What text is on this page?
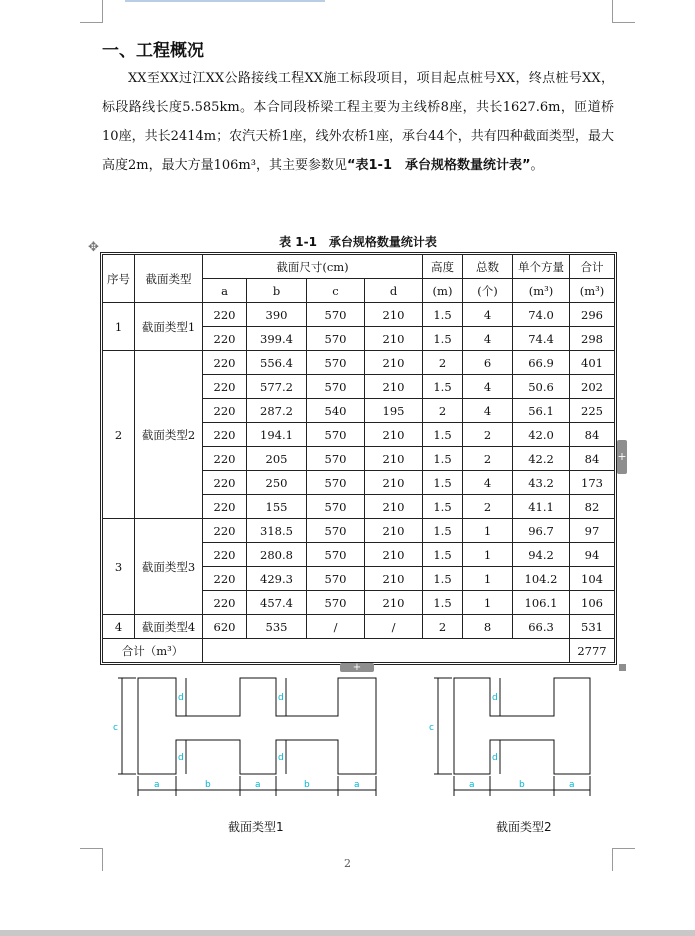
一、工程概况

XX至XX过江XX公路接线工程XX施工标段项目，项目起点桩号XX，终点桩号XX，标段路线长度5.585km。本合同段桥梁工程主要为主线桥8座，共长1627.6m，匝道桥10座，共长2414m；农汽天桥1座，线外农桥1座，承台44个，共有四种截面类型，最大高度2m，最大方量106m³，其主要参数见“表1-1　承台规格数量统计表”。

✥	表 1-1　承台规格数量统计表
序号	截面类型	截面尺寸(cm)				高度	总数	单个方量	合计
		a	b	c	d	(m)	(个)	(m³)	(m³)
1	截面类型1	220	390	570	210	1.5	4	74.0	296
		220	399.4	570	210	1.5	4	74.4	298
2	截面类型2	220	556.4	570	210	2	6	66.9	401
		220	577.2	570	210	1.5	4	50.6	202
		220	287.2	540	195	2	4	56.1	225
		220	194.1	570	210	1.5	2	42.0	84
		220	205	570	210	1.5	2	42.2	84
		220	250	570	210	1.5	4	43.2	173
		220	155	570	210	1.5	2	41.1	82
3	截面类型3	220	318.5	570	210	1.5	1	96.7	97
		220	280.8	570	210	1.5	1	94.2	94
		220	429.3	570	210	1.5	1	104.2	104
		220	457.4	570	210	1.5	1	106.1	106
4	截面类型4	620	535	/	/	2	8	66.3	531
合计（m³）									2777
+
+
c
d
d
d
d
a	b	a	b	a
截面类型1
c
d
d
a	b	a
截面类型2
2
